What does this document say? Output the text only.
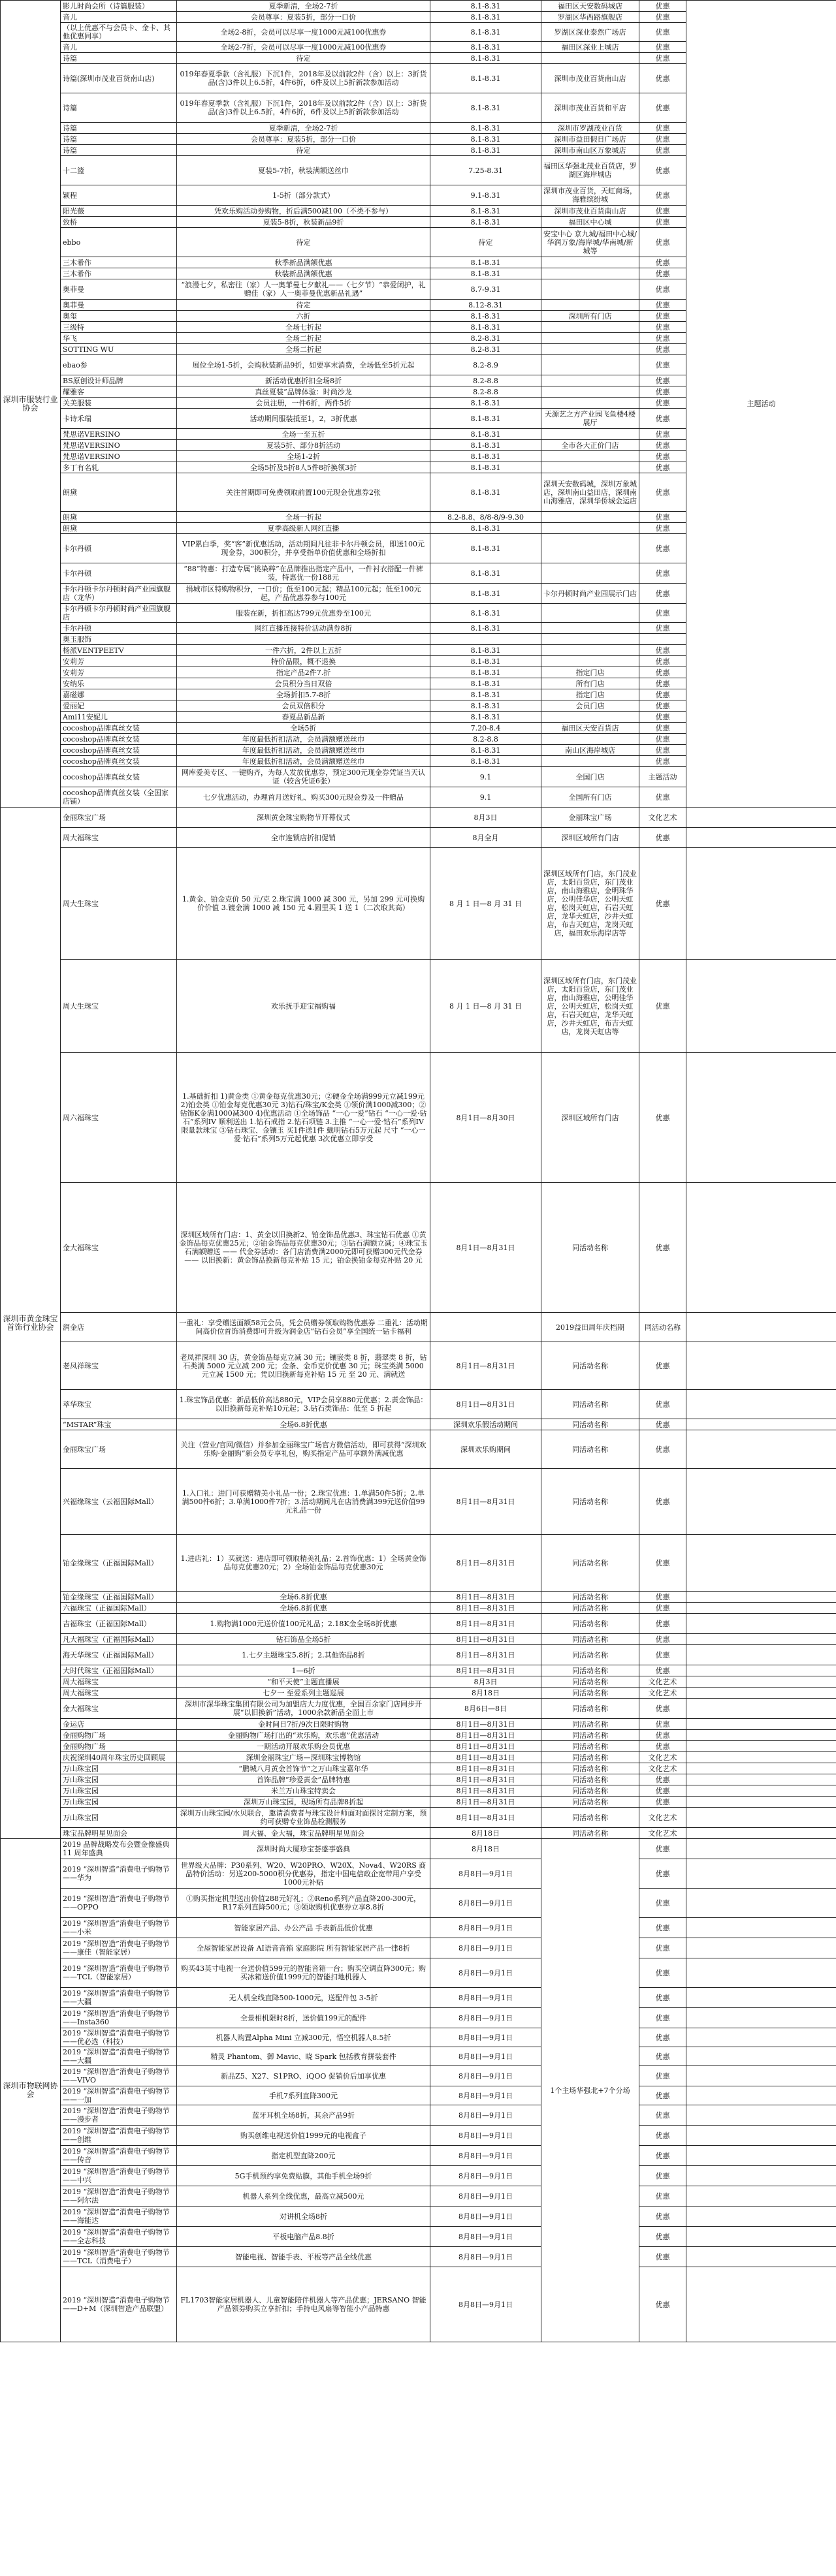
深圳市服装行业协会	影儿时尚会所（诗篇服装）	夏季新清，全场2-7折	8.1-8.31	福田区天安数码城店	优惠	主题活动
	音儿	会员尊享：夏装5折，部分一口价	8.1-8.31	罗湖区华西路旗舰店	优惠	
	（以上优惠不与会员卡、金卡、其他优惠同享）	全场2-8折，会员可以尽享一度1000元减100优惠券	8.1-8.31	罗湖区深业泰然广场店	优惠	
	音儿	全场2-7折，会员可以尽享一度1000元减100优惠券	8.1-8.31	福田区深业上城店	优惠	
	诗篇	待定	8.1-8.31		优惠	
	诗篇(深圳市茂业百货南山店)	019年春夏季款（含礼服）下沉1件，2018年及以前款2件（含）以上：3折货品(含)3件以上6.5折，4件6折，6件及以上5折新款参加活动	8.1-8.31	深圳市茂业百货南山店	优惠	
	诗篇	019年春夏季款（含礼服）下沉1件，2018年及以前款2件（含）以上：3折货品(含)3件以上6.5折，4件6折，6件及以上5折新款参加活动	8.1-8.31	深圳市茂业百货和平店	优惠	
	诗篇	夏季新清，全场2-7折	8.1-8.31	深圳市罗湖茂业百货	优惠	
	诗篇	会员尊享：夏装5折，部分一口价	8.1-8.31	深圳市益田假日广场店	优惠	
	诗篇	待定	8.1-8.31	深圳市南山区万象城店	优惠	
	十二篮	夏装5-7折，秋装满额送丝巾	7.25-8.31	福田区华强北茂业百货店，罗湖区海岸城店	优惠	
	颖程	1-5折（部分款式）	9.1-8.31	深圳市茂业百货，天虹商场，海雅缤纷城	优惠	
	阳光薇	凭欢乐购活动券购物，折后满500减100（不类不参与）	8.1-8.31	深圳市茂业百货南山店	优惠	
	致桥	夏装5-8折，秋装新品9折	8.1-8.31	福田区中心城	优惠	
	ebbo	待定	待定	安宝中心 京九城/福田中心城/华润万象/海岸城/华南城/新城等	优惠	
	三木希作	秋季新品满额优惠	8.1-8.31		优惠	
	三木希作	秋装新品满额优惠	8.1-8.31		优惠	
	奥菲曼	“浪漫七夕，私密往（家）人一奥菲曼七夕献礼——（七夕节）“恭爱闭护，礼赠佳（家）人一奥菲曼优惠新品礼遇”	8.7-9.31		优惠	
	奥菲曼	待定	8.12-8.31		优惠	
	奥玺	六折	8.1-8.31	深圳所有门店	优惠	
	三级特	全场七折起	8.1-8.31		优惠	
	华飞	全场二折起	8.2-8.31		优惠	
	SOTTING WU	全场二折起	8.2-8.31		优惠	
	ebao参	展位全场1-5折，会购秋装新品9折，如要享末消费，全场低至5折元起	8.2-8.9		优惠	
	BS原创设计师品牌	新活动优惠折扣全场8折	8.2-8.8		优惠	
	耀雅客	真丝夏装”品牌体验：时尚沙龙	8.2-8.8		优惠	
	关美服装	会员注册，一件6折，两件5折	8.1-8.31		优惠	
	卡诗禾瑞	活动期间服装抵至1，2，3折优惠	8.1-8.31	天源艺之方产业园飞鱼楼4楼展厅	优惠	
	梵思诺VERSINO	全场一至五折	8.1-8.31		优惠	
	梵思诺VERSINO	夏装5折、部分8折活动	8.1-8.31	全市各大正价门店	优惠	
	梵思诺VERSINO	全场1-2折	8.1-8.31		优惠	
	多丁有名轧	全场5折及5折8人5件8折换领3折	8.1-8.31		优惠	
	朗黛	关注首期即可免费领取前置100元现金优惠券2张	8.1-8.31	深圳天安数码城，深圳万象城店，深圳南山益田店，深圳南山海雅店，深圳华侨城金运店	优惠	
	朗黛	全场一折起	8.2-8.8、8/8-8/9-9.30		优惠	
	朗黛	夏季高级新人网红直播	8.1-8.31		优惠	
	卡尔丹顿	VIP累白季，奖“客”新优惠活动，活动期间凡往非卡尔丹顿会员，即送100元现金券，300积分，并享受指单价值优惠和全场折扣	8.1-8.31		优惠	
	卡尔丹顿	“88”特惠：打造专属“挑染粹”在品牌推出指定产品中，一件衬衣搭配一件裤装，特惠优一份188元	8.1-8.31		优惠	
	卡尔丹顿卡尔丹顿时尚产业园旗舰店（龙华）	捐城市区特购物积分，一口价；低至100元起；精品100元起；低至100元起，产品优惠券参与100元	8.1-8.31	卡尔丹顿时尚产业园展示门店	优惠	
	卡尔丹顿卡尔丹顿时尚产业园旗舰店	服装在新，折扣高达799元优惠券至100元	8.1-8.31		优惠	
	卡尔丹顿	网红直播连接特价活动满券8折	8.1-8.31		优惠	
	奥玉服饰					
	杨派VENTPEETV	一件六折，2件以上五折	8.1-8.31		优惠	
	安莉芳	特价品限，概不退换	8.1-8.31		优惠	
	安莉芳	指定产品2件7.折	8.1-8.31	指定门店	优惠	
	安纳乐	会员积分当日双倍	8.1-8.31	所有门店	优惠	
	嘉磁娜	全场折扣5.7-8折	8.1-8.31	指定门店	优惠	
	爱丽妃	会员双倍积分	8.1-8.31	会员门店	优惠	
	Ami11安妮儿	春夏品新品新	8.1-8.31		优惠	
	cocoshop品牌真丝女装	全场5折	7.20-8.4	福田区天安百货店	优惠	
	cocoshop品牌真丝女装	年度最低折扣活动，会员满额赠送丝巾	8.2-8.8		优惠	
	cocoshop品牌真丝女装	年度最低折扣活动，会员满额赠送丝巾	8.1-8.31	南山区海岸城店	优惠	
	cocoshop品牌真丝女装	年度最低折扣活动，会员满额赠送丝巾	8.1-8.31		优惠	
	cocoshop品牌真丝女装	网库爱美专区、一键购齐，为每人发放优惠券，预定300元现金券凭证当天认证（较含凭证6张）	9.1	全国门店	主题活动	
	cocoshop品牌真丝女装（全国家店铺）	七夕优惠活动，办理首月送好礼、购买300元现金券及一件赠品	9.1	全国所有门店	优惠	
深圳市黄金珠宝首饰行业协会	金丽珠宝广场	深圳黄金珠宝购物节开幕仪式	8月3日	金丽珠宝广场	文化艺术	
	周大福珠宝	全市连锁店折扣促销	8月全月	深圳区域所有门店	优惠	
	周大生珠宝	1.黄金、铂金克价 50 元/克 2.珠宝满 1000 减 300 元，另加 299 元可换购价价值 3.镀金满 1000 减 150 元 4.圆里买 1 送 1（二次取其高）	8 月 1 日—8 月 31 日	深圳区域所有门店，东门茂业店，太阳百货店，东门茂业店，南山海雅店，金明珠华店，公明佳华店，公明天虹店，松岗天虹店，石岩天虹店，龙华天虹店，沙井天虹店，布吉天虹店，龙岗天虹店，福田欢乐海岸店等	优惠	
	周大生珠宝	欢乐抚手迎宝福购福	8 月 1 日—8 月 31 日	深圳区域所有门店，东门茂业店，太阳百货店，东门茂业店，南山海雅店，公明佳华店，公明天虹店，松岗天虹店，石岩天虹店，龙华天虹店，沙井天虹店，布吉天虹店，龙岗天虹店等	优惠	
	周六福珠宝	1.基础折扣 1)黄金类 ①黄金每克优惠30元；②硬金全场满999元立减199元 2)铂金类 ①铂金每克优惠30元 3)钻石/珠宝/K金类 ①领价满1000减300；②钻饰K金满1000减300 4)优惠活动 ①全场饰品 “一心一爱”钻石 “一心一爱·钻石”系列IV 顺利送出 1.钻石戒指 2.钻石项链 3.主推 “一心一爱·钻石”系列IV 限量款珠宝 ③钻石珠宝、金镶玉 买1件送1件 戴明钻石5万元起 尺寸 “一心一爱·钻石”系列5万元起优惠 3次优惠立即享受	8月1日—8月30日	深圳区域所有门店	优惠	
	金大福珠宝	深圳区域所有门店：1、黄金以旧换新2、铂金饰品优惠3、珠宝钻石优惠 ①黄金饰品每克优惠25元；②铂金饰品每克优惠30元；③钻石满额立减；④珠宝玉石满额赠送 —— 代金券活动：各门店消费满2000元即可获赠300元代金券 —— 以旧换新：黄金饰品换新每克补贴 15 元；铂金换铂金每克补贴 20 元	8月1日—8月31日	同活动名称	优惠	
	润金店	一重礼：享受赠送面额58元会员，凭会员赠券领取购物优惠券 二重礼：活动期间高价位首饰消费即可升级为润金店“钻石会员”享全国统一钻卡福利		2019益田周年庆档期	同活动名称	
	老凤祥珠宝	老凤祥深圳 30 店，黄金饰品每克立减 30 元；镶嵌类 8 折，翡翠类 8 折，钻石类满 5000 元立减 200 元；金条、金币克价优惠 30 元；珠宝类满 5000 元立减 1500 元；凭以旧换新每克补贴 15 元 至 20 元、满就送	8月1日—8月31日	同活动名称	优惠	
	萃华珠宝	1.珠宝饰品优惠：新品低价高达880元，VIP会员享880元优惠；2.黄金饰品：以旧换新每克补贴10元起；3.钻石类饰品：低至 5 折起	8月1日—8月31日	同活动名称	优惠	
	“MSTAR”珠宝	全场6.8折优惠	深圳欢乐假活动期间	同活动名称	优惠	
	金丽珠宝广场	关注（营业/官网/微信）并参加金丽珠宝广场官方微信活动，即可获得“深圳欢乐购·金丽购”新会员专享礼包，购买指定产品可享额外满减优惠	深圳欢乐购期间	同活动名称	优惠	
	兴福缘珠宝（云福国际Mall）	1.入口礼：进门可获赠精美小礼品一份；2.珠宝优惠：1.单满50件5折；2.单满500件6折；3.单满1000件7折；3.活动期间凡在店消费满399元送价值99元礼品一份	8月1日—8月31日	同活动名称	优惠	
	铂金缘珠宝（正福国际Mall）	1.进店礼：1）买就送：进店即可领取精美礼品；2.首饰优惠：1）全场黄金饰品每克优惠20元；2）全场铂金饰品每克优惠30元	8月1日—8月31日	同活动名称	优惠	
	铂金缘珠宝（正福国际Mall）	全场6.8折优惠	8月1日—8月31日	同活动名称	优惠	
	六福珠宝（正福国际Mall）	全场6.8折优惠	8月1日—8月31日	同活动名称	优惠	
	吉福珠宝（正福国际Mall）	1.购物满1000元送价值100元礼品；2.18K金全场8折优惠	8月1日—8月31日	同活动名称	优惠	
	凡大福珠宝（正福国际Mall）	钻石饰品全场5折	8月1日—8月31日	同活动名称	优惠	
	海天华珠宝（正福国际Mall）	1.七夕主题珠宝5.8折；2.其他饰品8折	8月1日—8月31日	同活动名称	优惠	
	大时代珠宝（正福国际Mall）	1—6折	8月1日—8月31日	同活动名称	优惠	
	周大福珠宝	“和平天使”主题直播展	8月3日	同活动名称	文化艺术	
	周大福珠宝	七夕一 至爱系列主题巡展	8月18日	同活动名称	文化艺术	
	金大福珠宝	深圳市深华珠宝集团有限公司为加盟店大力度优惠，全国百余家门店同步开展“以旧换新”活动，1000余款新品全面上市	8月6日—8日	同活动名称	优惠	
	金运店	金时间日7折/9次日限时购物	8月1日—8月31日	同活动名称	优惠	
	金丽购物广场	金丽购物广场打出的“欢乐购，欢乐惠”优惠活动	8月1日—8月31日	同活动名称	优惠	
	金丽购物广场	一期活动开展欢乐购会员优惠	8月1日—8月31日	同活动名称	优惠	
	庆祝深圳40周年珠宝历史回顾展	深圳金丽珠宝广场—深圳珠宝博物馆	8月1日—8月31日	同活动名称	文化艺术	
	万山珠宝园	“鹏城八月黄金首饰节”之万山珠宝嘉年华	8月1日—8月31日	同活动名称	文化艺术	
	万山珠宝园	首饰品牌“珍爱黄金”品牌特惠	8月1日—8月31日	同活动名称	优惠	
	万山珠宝园	米兰万山珠宝特卖会	8月1日—8月31日	同活动名称	优惠	
	万山珠宝园	深圳万山珠宝园，现场所有品牌8折起	8月1日—8月31日	同活动名称	优惠	
	万山珠宝园	深圳万山珠宝园/水贝联合，邀请消费者与珠宝设计师面对面探讨定制方案，预约可获赠专业饰品检测服务	8月1日—8月31日	同活动名称	文化艺术	
	珠宝品牌明星见面会	周大福、金大福，珠宝品牌明星见面会	8月18日	同活动名称	文化艺术	
深圳市物联网协会	2019 品牌战略发布会暨金像盛典 11 周年盛典	深圳时尚大厦珍宝荟盛事盛典	8月18日	1个主场华强北+7个分场	优惠	
	2019 “深圳智造”消费电子购物节——华为	世界级大品牌：P30系列、W20、W20PRO、W20X、Nova4、W20RS 商品特价活动：另送200-5000积分优惠券，指定中国电信政企宽带用户享受1000元补贴	8月8日—9月1日		优惠	
	2019 “深圳智造”消费电子购物节——OPPO	①购买指定机型送出价值288元好礼；②Reno系列产品直降200-300元，R17系列直降500元；③领取购机优惠券立享8.8折	8月8日—9月1日		优惠	
	2019 “深圳智造”消费电子购物节——小米	智能家居产品、办公产品 手表新品低价优惠	8月8日—9月1日		优惠	
	2019 “深圳智造”消费电子购物节——康佳（智能家居）	全屋智能家居设备 AI语音音箱 家庭影院 所有智能家居产品一律8折	8月8日—9月1日		优惠	
	2019 “深圳智造”消费电子购物节——TCL（智能家居）	购买43英寸电视一台送价值599元的智能音箱一台；购买空调直降300元；购买冰箱送价值1999元的智能扫地机器人	8月8日—9月1日		优惠	
	2019 “深圳智造”消费电子购物节——大疆	无人机全线直降500-1000元，送配件包 3-5折	8月8日—9月1日		优惠	
	2019 “深圳智造”消费电子购物节——Insta360	全景相机限时8折，送价值199元的配件	8月8日—9月1日		优惠	
	2019 “深圳智造”消费电子购物节——优必选（科技）	机器人购置Alpha Mini 立减300元，悟空机器人8.5折	8月8日—9月1日		优惠	
	2019 “深圳智造”消费电子购物节——大疆	精灵 Phantom、御 Mavic、晓 Spark 包括教育拼装套件	8月8日—9月1日		优惠	
	2019 “深圳智造”消费电子购物节——VIVO	新品Z5、X27、S1PRO、iQOO 促销价后加享优惠	8月8日—9月1日		优惠	
	2019 “深圳智造”消费电子购物节——一加	手机7系列直降300元	8月8日—9月1日		优惠	
	2019 “深圳智造”消费电子购物节——漫步者	蓝牙耳机全场8折，其余产品9折	8月8日—9月1日		优惠	
	2019 “深圳智造”消费电子购物节——创维	购买创维电视送价值1999元的电视盒子	8月8日—9月1日		优惠	
	2019 “深圳智造”消费电子购物节——传音	指定机型直降200元	8月8日—9月1日		优惠	
	2019 “深圳智造”消费电子购物节——中兴	5G手机预约享免费贴膜，其他手机全场9折	8月8日—9月1日		优惠	
	2019 “深圳智造”消费电子购物节——阿尔法	机器人系列全线优惠，最高立减500元	8月8日—9月1日		优惠	
	2019 “深圳智造”消费电子购物节——海能达	对讲机全场8折	8月8日—9月1日		优惠	
	2019 “深圳智造”消费电子购物节——全志科技	平板电脑产品8.8折	8月8日—9月1日		优惠	
	2019 “深圳智造”消费电子购物节——TCL（消费电子）	智能电视、智能手表、平板等产品全线优惠	8月8日—9月1日		优惠	
	2019 “深圳智造”消费电子购物节——D+M（深圳智造产品联盟）	FL1703智能家居机器人、儿童智能陪伴机器人等产品优惠；JERSANO 智能产品领券购买立享折扣；手持电风扇等智能小产品特惠	8月8日—9月1日		优惠	
